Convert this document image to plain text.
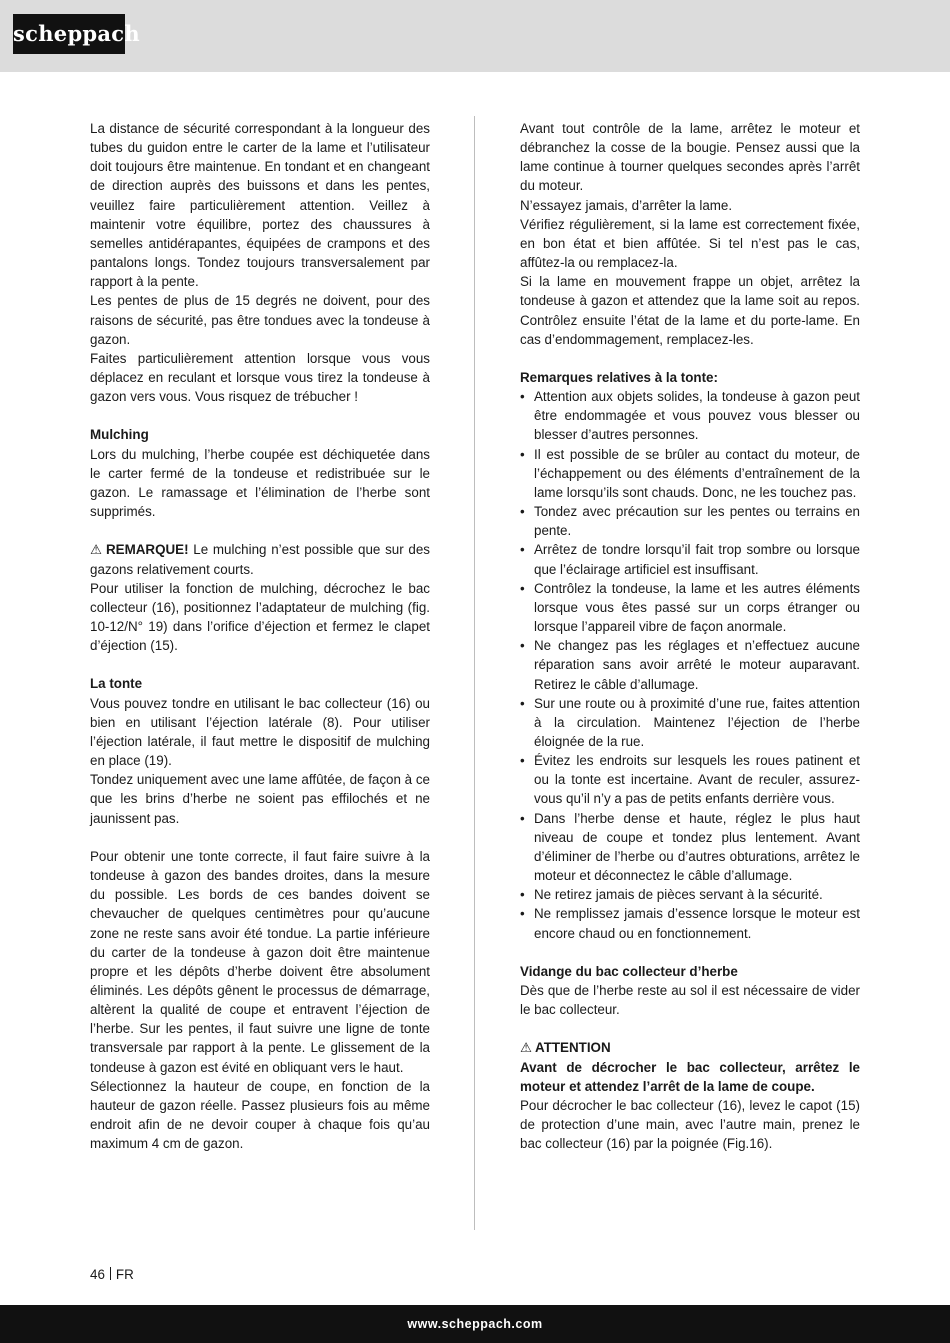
scheppach

La distance de sécurité correspondant à la longueur des tubes du guidon entre le carter de la lame et l’utilisateur doit toujours être maintenue. En tondant et en changeant de direction auprès des buissons et dans les pentes, veuillez faire particulièrement attention. Veillez à maintenir votre équilibre, portez des chaussures à semelles antidérapantes, équipées de crampons et des pantalons longs. Tondez toujours transversalement par rapport à la pente.

Les pentes de plus de 15 degrés ne doivent, pour des raisons de sécurité, pas être tondues avec la tondeuse à gazon.

Faites particulièrement attention lorsque vous vous déplacez en reculant et lorsque vous tirez la tondeuse à gazon vers vous. Vous risquez de trébucher !

Mulching

Lors du mulching, l’herbe coupée est déchiquetée dans le carter fermé de la tondeuse et redistribuée sur le gazon. Le ramassage et l’élimination de l’herbe sont supprimés.

⚠ REMARQUE! Le mulching n’est possible que sur des gazons relativement courts.

Pour utiliser la fonction de mulching, décrochez le bac collecteur (16), positionnez l’adaptateur de mulching (fig. 10-12/N° 19) dans l’orifice d’éjection et fermez le clapet d’éjection (15).

La tonte

Vous pouvez tondre en utilisant le bac collecteur (16) ou bien en utilisant l’éjection latérale (8). Pour utiliser l’éjection latérale, il faut mettre le dispositif de mulching en place (19).

Tondez uniquement avec une lame affûtée, de façon à ce que les brins d’herbe ne soient pas effilochés et ne jaunissent pas.

Pour obtenir une tonte correcte, il faut faire suivre à la tondeuse à gazon des bandes droites, dans la mesure du possible. Les bords de ces bandes doivent se chevaucher de quelques centimètres pour qu’aucune zone ne reste sans avoir été tondue. La partie inférieure du carter de la tondeuse à gazon doit être maintenue propre et les dépôts d’herbe doivent être absolument éliminés. Les dépôts gênent le processus de démarrage, altèrent la qualité de coupe et entravent l’éjection de l’herbe. Sur les pentes, il faut suivre une ligne de tonte transversale par rapport à la pente. Le glissement de la tondeuse à gazon est évité en obliquant vers le haut.

Sélectionnez la hauteur de coupe, en fonction de la hauteur de gazon réelle. Passez plusieurs fois au même endroit afin de ne devoir couper à chaque fois qu’au maximum 4 cm de gazon.

Avant tout contrôle de la lame, arrêtez le moteur et débranchez la cosse de la bougie. Pensez aussi que la lame continue à tourner quelques secondes après l’arrêt du moteur.

N’essayez jamais, d’arrêter la lame.

Vérifiez régulièrement, si la lame est correctement fixée, en bon état et bien affûtée. Si tel n’est pas le cas, affûtez-la ou remplacez-la.

Si la lame en mouvement frappe un objet, arrêtez la tondeuse à gazon et attendez que la lame soit au repos. Contrôlez ensuite l’état de la lame et du porte-lame. En cas d’endommagement, remplacez-les.

Remarques relatives à la tonte:

• Attention aux objets solides, la tondeuse à gazon peut être endommagée et vous pouvez vous blesser ou blesser d’autres personnes.
• Il est possible de se brûler au contact du moteur, de l’échappement ou des éléments d’entraînement de la lame lorsqu’ils sont chauds. Donc, ne les touchez pas.
• Tondez avec précaution sur les pentes ou terrains en pente.
• Arrêtez de tondre lorsqu’il fait trop sombre ou lorsque que l’éclairage artificiel est insuffisant.
• Contrôlez la tondeuse, la lame et les autres éléments lorsque vous êtes passé sur un corps étranger ou lorsque l’appareil vibre de façon anormale.
• Ne changez pas les réglages et n’effectuez aucune réparation sans avoir arrêté le moteur auparavant. Retirez le câble d’allumage.
• Sur une route ou à proximité d’une rue, faites attention à la circulation. Maintenez l’éjection de l’herbe éloignée de la rue.
• Évitez les endroits sur lesquels les roues patinent et ou la tonte est incertaine. Avant de reculer, assurez-vous qu’il n’y a pas de petits enfants derrière vous.
• Dans l’herbe dense et haute, réglez le plus haut niveau de coupe et tondez plus lentement. Avant d’éliminer de l’herbe ou d’autres obturations, arrêtez le moteur et déconnectez le câble d’allumage.
• Ne retirez jamais de pièces servant à la sécurité.
• Ne remplissez jamais d’essence lorsque le moteur est encore chaud ou en fonctionnement.

Vidange du bac collecteur d’herbe

Dès que de l’herbe reste au sol il est nécessaire de vider le bac collecteur.

⚠ ATTENTION

Avant de décrocher le bac collecteur, arrêtez le moteur et attendez l’arrêt de la lame de coupe.

Pour décrocher le bac collecteur (16), levez le capot (15) de protection d’une main, avec l’autre main, prenez le bac collecteur (16) par la poignée (Fig.16).

46 FR
www.scheppach.com
